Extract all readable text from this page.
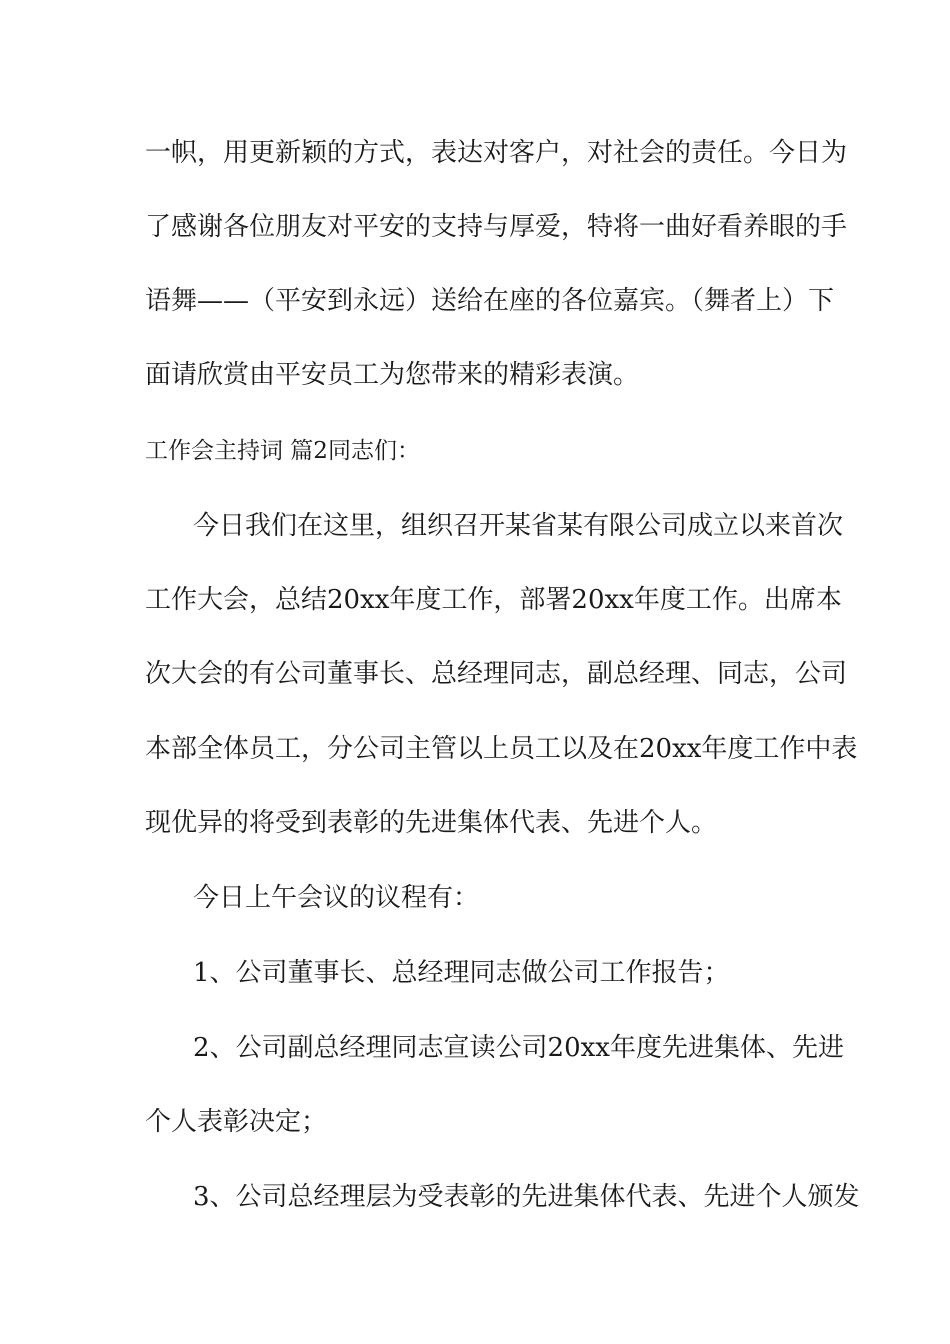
一帜，用更新颖的方式，表达对客户，对社会的责任。今日为
了感谢各位朋友对平安的支持与厚爱，特将一曲好看养眼的手
语舞——（平安到永远）送给在座的各位嘉宾。（舞者上）下
面请欣赏由平安员工为您带来的精彩表演。
工作会主持词 篇2同志们：
今日我们在这里，组织召开某省某有限公司成立以来首次
工作大会，总结20xx年度工作，部署20xx年度工作。出席本
次大会的有公司董事长、总经理同志，副总经理、同志，公司
本部全体员工，分公司主管以上员工以及在20xx年度工作中表
现优异的将受到表彰的先进集体代表、先进个人。
今日上午会议的议程有：
1、公司董事长、总经理同志做公司工作报告；
2、公司副总经理同志宣读公司20xx年度先进集体、先进
个人表彰决定；
3、公司总经理层为受表彰的先进集体代表、先进个人颁发
